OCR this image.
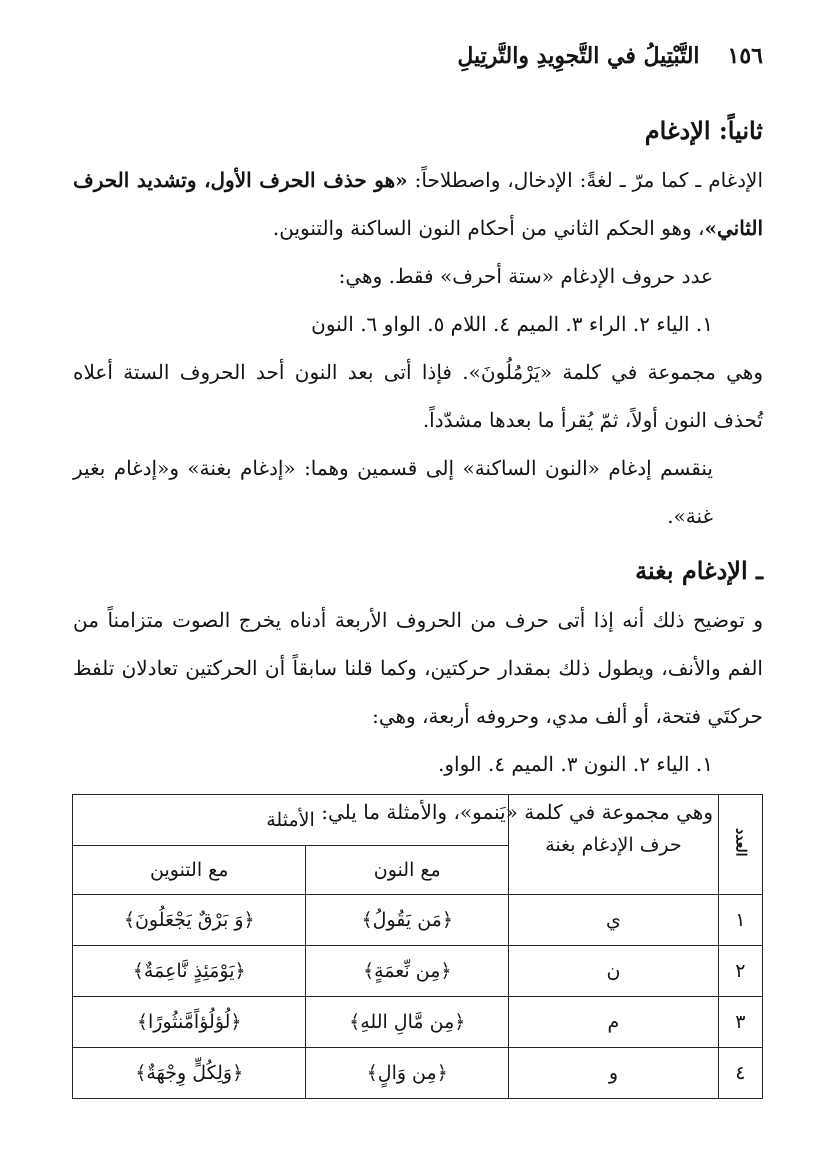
١٥٦
التَّبْتِيلُ في التَّجوِيدِ والتَّرتِيلِ
ثانياً: الإدغام

الإدغام ـ كما مرّ ـ لغةً: الإدخال، واصطلاحاً: «هو حذف الحرف الأول، وتشديد الحرف الثاني»، وهو الحكم الثاني من أحكام النون الساكنة والتنوين.

عدد حروف الإدغام «ستة أحرف» فقط. وهي:

١. الياء ٢. الراء ٣. الميم ٤. اللام ٥. الواو ٦. النون

وهي مجموعة في كلمة «يَرْمُلُونَ». فإذا أتى بعد النون أحد الحروف الستة أعلاه تُحذف النون أولاً، ثمّ يُقرأ ما بعدها مشدّداً.

ينقسم إدغام «النون الساكنة» إلى قسمين وهما: «إدغام بغنة» و«إدغام بغير غنة».

ـ الإدغام بغنة

و توضيح ذلك أنه إذا أتى حرف من الحروف الأربعة أدناه يخرج الصوت متزامناً من الفم والأنف، ويطول ذلك بمقدار حركتين، وكما قلنا سابقاً أن الحركتين تعادلان تلفظ حركتَي فتحة، أو ألف مدي، وحروفه أربعة، وهي:

١. الياء ٢. النون ٣. الميم ٤. الواو.

وهي مجموعة في كلمة «يَنمو»، والأمثلة ما يلي:

العدد	حرف الإدغام بغنة	الأمثلة	
		مع النون	مع التنوين
١	ي	﴿مَن يَقُولُ﴾	﴿وَ بَرْقٌ يَجْعَلُونَ﴾
٢	ن	﴿مِن نِّعمَةٍ﴾	﴿يَوْمَئِذٍ نَّاعِمَةٌ﴾
٣	م	﴿مِن مَّالِ اللهِ﴾	﴿لُؤلُؤاًمَّنثُورًا﴾
٤	و	﴿مِن وَالٍ﴾	﴿وَلِكُلٍّ وِجْهَةٌ﴾
